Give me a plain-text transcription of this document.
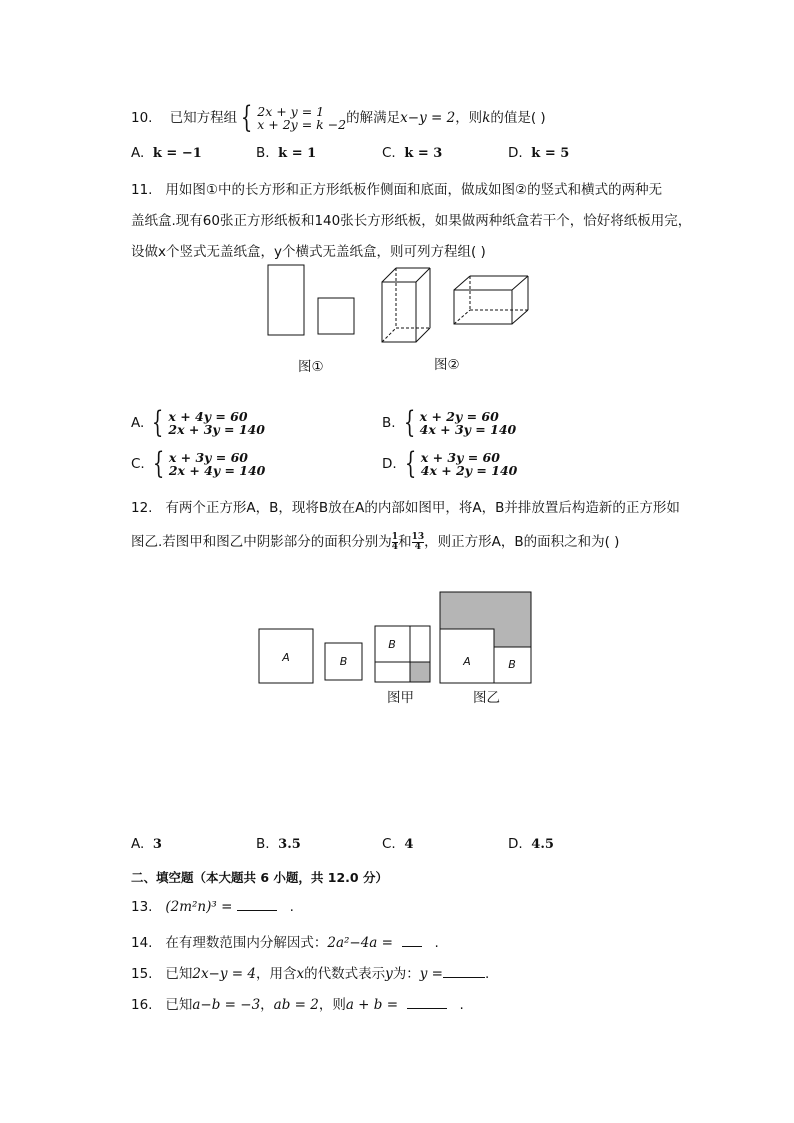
10. 已知方程组 { 2x + y = 1
x + 2y = k −2 的解满足x−y = 2，则k的值是( )
A. k = −1	B. k = 1	C. k = 3	D. k = 5
11. 用如图①中的长方形和正方形纸板作侧面和底面，做成如图②的竖式和横式的两种无
盖纸盒.现有60张正方形纸板和140张长方形纸板，如果做两种纸盒若干个，恰好将纸板用完，
设做x个竖式无盖纸盒，y个横式无盖纸盒，则可列方程组( )
图①	图②
A. { x + 4y = 60
2x + 3y = 140	B. { x + 2y = 60
4x + 3y = 140
C. { x + 3y = 60
2x + 4y = 140	D. { x + 3y = 60
4x + 2y = 140
12. 有两个正方形A，B，现将B放在A的内部如图甲，将A，B并排放置后构造新的正方形如
图乙.若图甲和图乙中阴影部分的面积分别为 $\frac{1}{4}$ 和 $\frac{13}{4}$ ，则正方形A，B的面积之和为( )
A	B
B
A	B
图甲	图乙
A. 3	B. 3.5	C. 4	D. 4.5
二、填空题（本大题共 6 小题，共 12.0 分）
13. (2m²n)³ =	.
14. 在有理数范围内分解因式：2a²−4a =	.
15. 已知2x−y = 4，用含x的代数式表示y为：y =	.
16. 已知a−b = −3，ab = 2，则a + b =	.
